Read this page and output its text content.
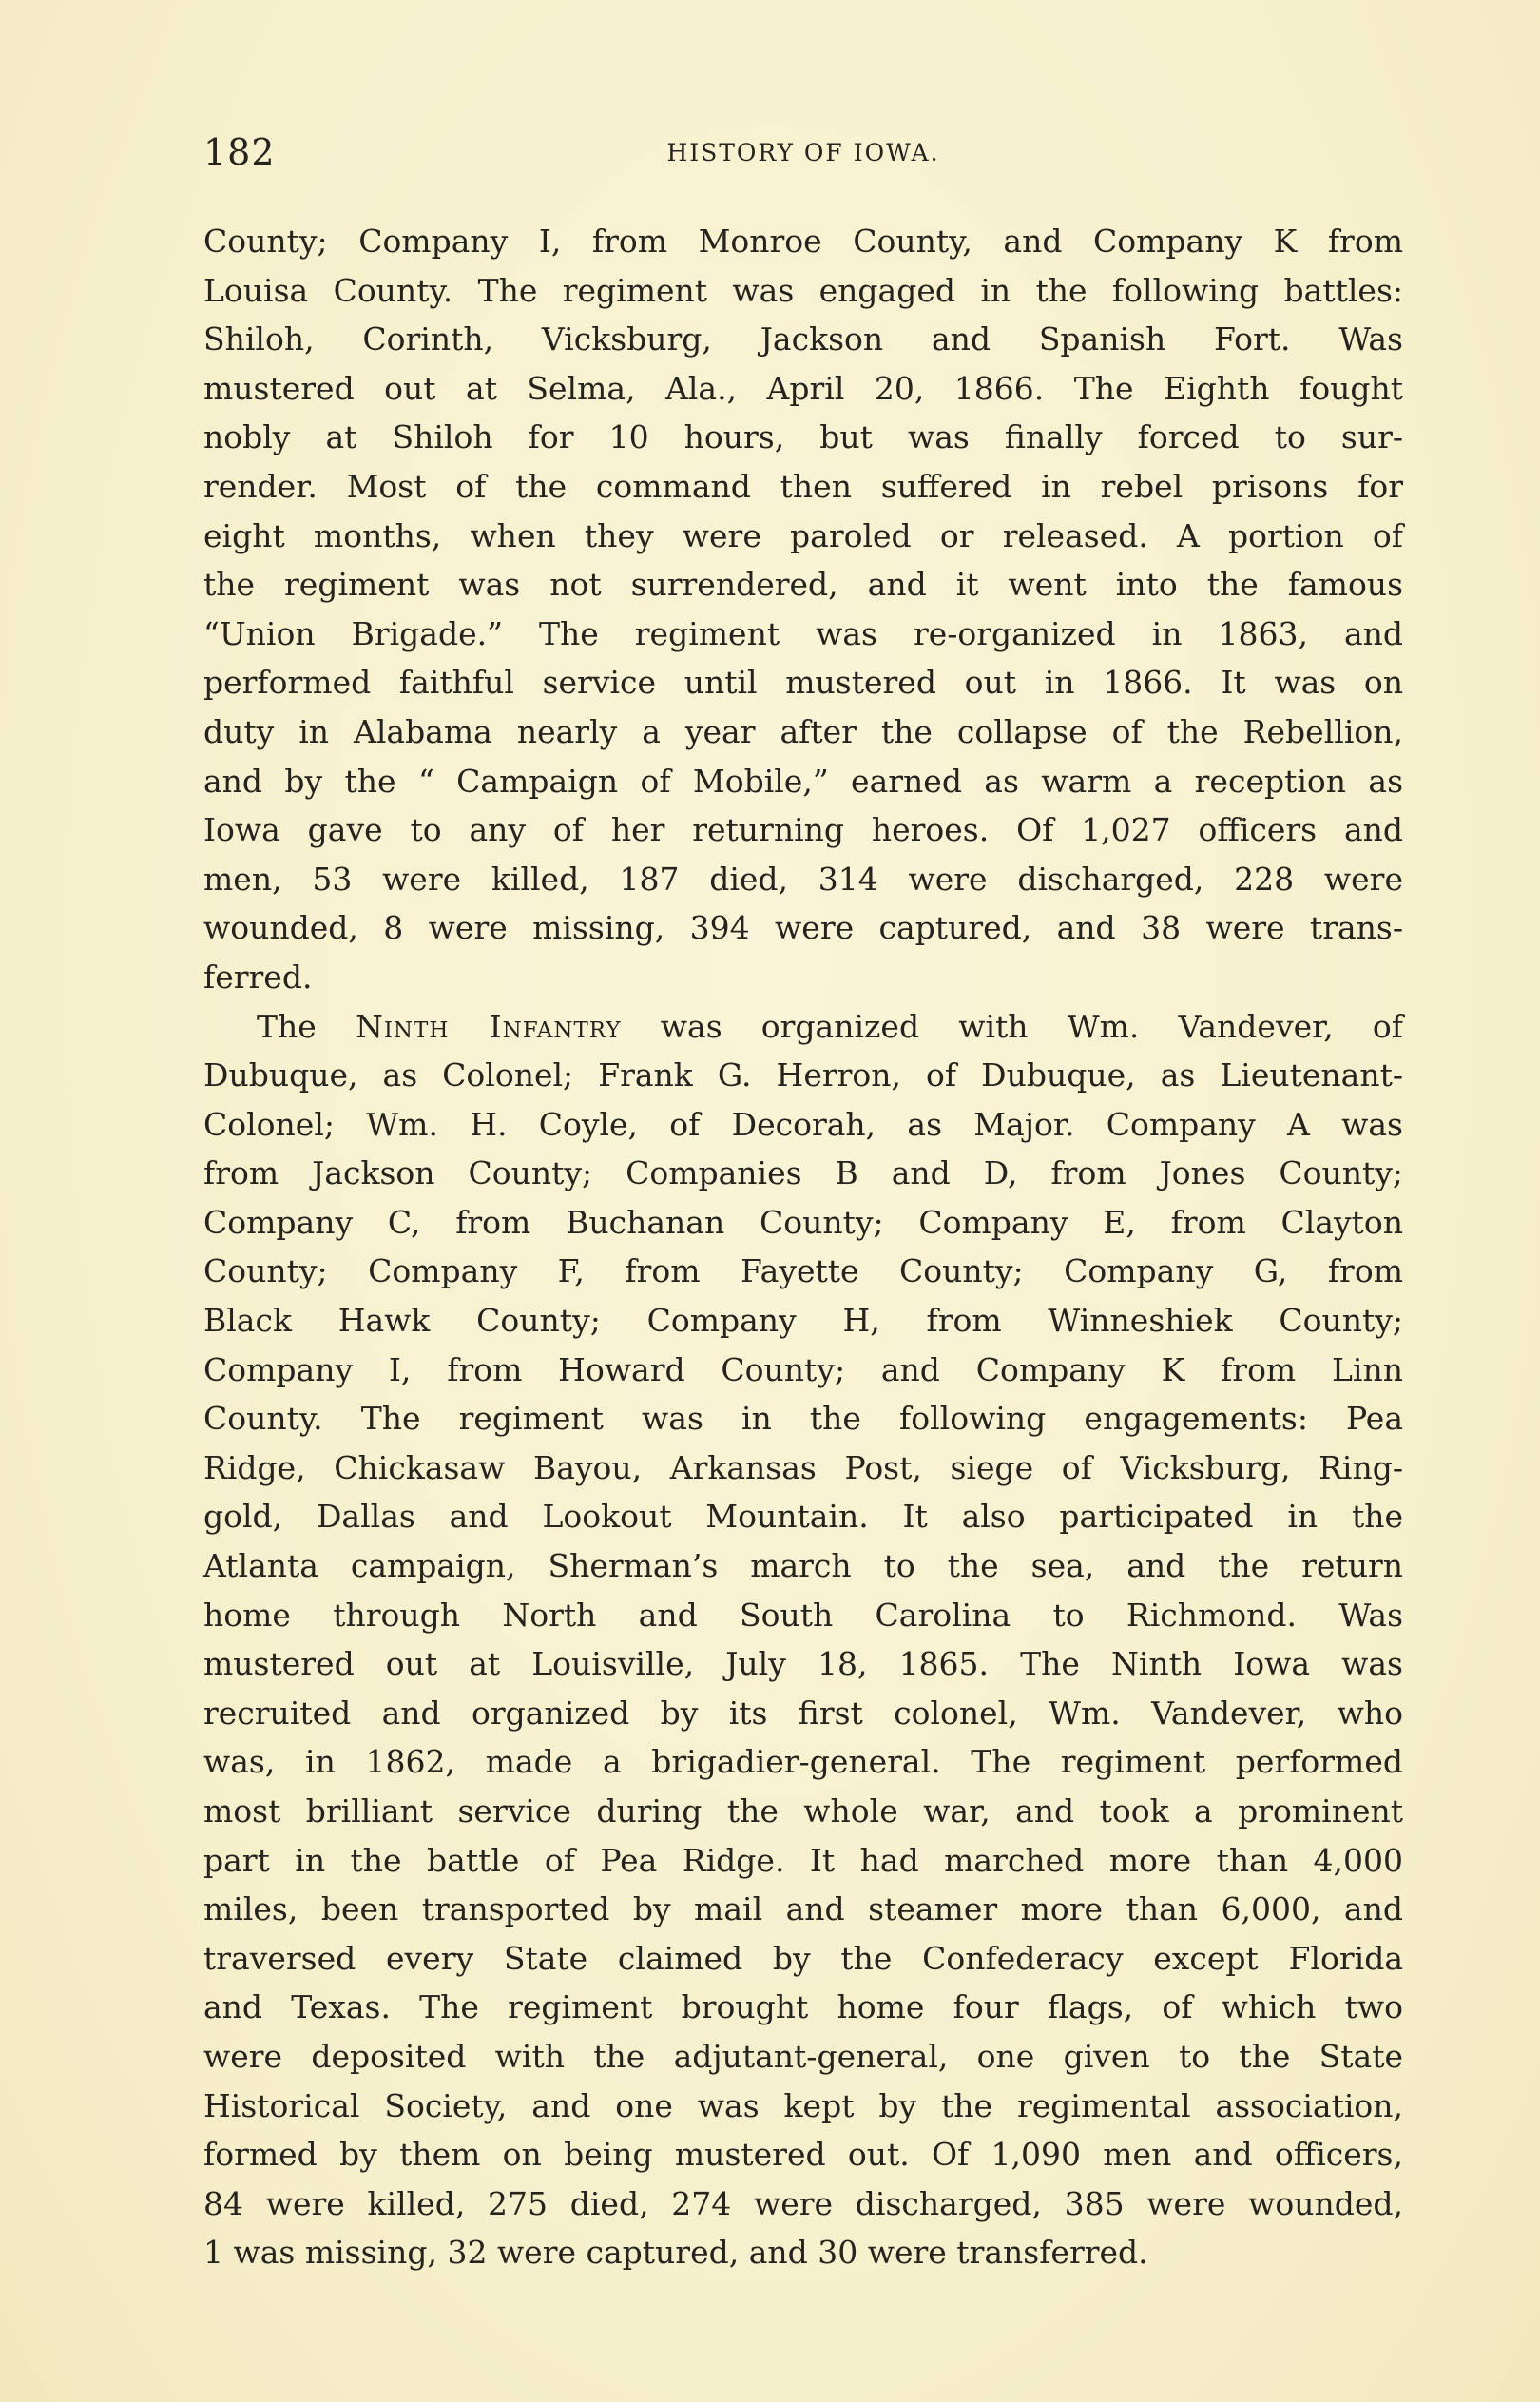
182	HISTORY OF IOWA.
County; Company I, from Monroe County, and Company K from
Louisa County. The regiment was engaged in the following battles:
Shiloh, Corinth, Vicksburg, Jackson and Spanish Fort. Was
mustered out at Selma, Ala., April 20, 1866. The Eighth fought
nobly at Shiloh for 10 hours, but was finally forced to sur-
render. Most of the command then suffered in rebel prisons for
eight months, when they were paroled or released. A portion of
the regiment was not surrendered, and it went into the famous
“Union Brigade.” The regiment was re-organized in 1863, and
performed faithful service until mustered out in 1866. It was on
duty in Alabama nearly a year after the collapse of the Rebellion,
and by the “ Campaign of Mobile,” earned as warm a reception as
Iowa gave to any of her returning heroes. Of 1,027 officers and
men, 53 were killed, 187 died, 314 were discharged, 228 were
wounded, 8 were missing, 394 were captured, and 38 were trans-
ferred.
The Ninth Infantry was organized with Wm. Vandever, of
Dubuque, as Colonel; Frank G. Herron, of Dubuque, as Lieutenant-
Colonel; Wm. H. Coyle, of Decorah, as Major. Company A was
from Jackson County; Companies B and D, from Jones County;
Company C, from Buchanan County; Company E, from Clayton
County; Company F, from Fayette County; Company G, from
Black Hawk County; Company H, from Winneshiek County;
Company I, from Howard County; and Company K from Linn
County. The regiment was in the following engagements: Pea
Ridge, Chickasaw Bayou, Arkansas Post, siege of Vicksburg, Ring-
gold, Dallas and Lookout Mountain. It also participated in the
Atlanta campaign, Sherman’s march to the sea, and the return
home through North and South Carolina to Richmond. Was
mustered out at Louisville, July 18, 1865. The Ninth Iowa was
recruited and organized by its first colonel, Wm. Vandever, who
was, in 1862, made a brigadier-general. The regiment performed
most brilliant service during the whole war, and took a prominent
part in the battle of Pea Ridge. It had marched more than 4,000
miles, been transported by mail and steamer more than 6,000, and
traversed every State claimed by the Confederacy except Florida
and Texas. The regiment brought home four flags, of which two
were deposited with the adjutant-general, one given to the State
Historical Society, and one was kept by the regimental association,
formed by them on being mustered out. Of 1,090 men and officers,
84 were killed, 275 died, 274 were discharged, 385 were wounded,
1 was missing, 32 were captured, and 30 were transferred.
